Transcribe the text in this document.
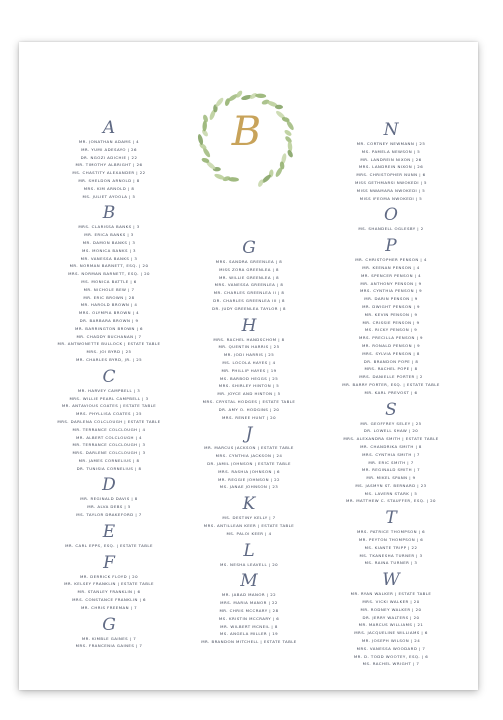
B
A
MR. JONATHAN ADAMS | 4
MR. YUMI ADESAYO | 26
DR. NGOZI ADICHIE | 22
MR. TIMOTHY ALBRIGHT | 26
MS. CHASTITY ALEXANDER | 22
MR. SHELDON ARNOLD | 8
MRS. KIM ARNOLD | 8
MS. JULIET AYOOLA | 5
B
MRS. CLARISSA BANKS | 3
MR. ERICA BANKS | 3
MR. DAMON BANKS | 3
MS. MONICA BANKS | 3
MR. VANESSA BANKS | 3
MR. NORMAN BARNETT, ESQ. | 20
MRS. NORMAN BARNETT, ESQ. | 20
MS. MONICA BATTLE | 6
MR. NICHOLE BEW | 7
MR. ERIC BROWN | 28
MR. HAROLD BROWN | 4
MRS. OLYMPIA BROWN | 4
DR. BARBARA BROWN | 9
MR. BARRINGTON BROWN | 6
MR. CHADDY BUCHANAN | 7
MR. ANTWONETTE BULLOCK | ESTATE TABLE
MRS. JOI BYRD | 25
MR. CHARLES BYRD, JR. | 25
C
MR. HARVEY CAMPBELL | 3
MRS. WILLIE PEARL CAMPBELL | 3
MR. ANTAVIOUS COATES | ESTATE TABLE
MRS. PHYLLISA COATES | 25
MRS. DARLENA COLCLOUGH | ESTATE TABLE
MR. TERRANCE COLCLOUGH | 4
MR. ALBERT COLCLOUGH | 4
MR. TERRANCE COLCLOUGH | 3
MRS. DARLENE COLCLOUGH | 3
MR. JAMES CORNELIUS | 8
DR. TUNISIA CORNELIUS | 8
D
MR. REGINALD DAVIS | 8
MR. ALVA DEBS | 5
MS. TAYLOR DRAKEFORD | 7
E
MR. CARL EPPS, ESQ. | ESTATE TABLE
F
MR. DERRICK FLOYD | 20
MR. KELSEY FRANKLIN | ESTATE TABLE
MR. STANLEY FRANKLIN | 6
MRS. CONSTANCE FRANKLIN | 6
MR. CHRIS FREEMAN | 7
G
MR. KIMBLE GAINES | 7
MRS. FRANCENIA GAINES | 7
G
MRS. SANDRA GREENLEA | 8
MISS ZORA GREENLEA | 8
MR. WILLIE GREENLEA | 8
MRS. VANESSA GREENLEA | 8
MR. CHARLES GREENLEA II | 8
DR. CHARLES GREENLEA III | 8
DR. JUDY GREENLEA TAYLOR | 8
H
MRS. RACHEL HANDSCHOM | 8
MR. QUENTIN HARRIS | 25
MR. JODI HARRIS | 25
MS. LOCOLA HAYES | 4
MR. PHILLIP HAYES | 19
MS. BARBOD HEGGS | 25
MRS. SHIRLEY HINTON | 5
MR. JOYCE AND HINTON | 5
MRS. CRYSTAL HODGES | ESTATE TABLE
DR. AMY O. HODGINS | 20
MRS. RENEE HUNT | 20
J
MR. MARCUS JACKSON | ESTATE TABLE
MRS. CYNTHIA JACKSON | 24
DR. JAMIL JOHNSON | ESTATE TABLE
MRS. RASHIA JOHNSON | 6
MR. REGGIE JOHNSON | 22
MS. JANAE JOHNSON | 23
K
MS. DESTINY KELLY | 7
MRS. ANTILLEAN KEER | ESTATE TABLE
MS. PALOI KEER | 4
L
MS. NESHA LEAVELL | 20
M
MR. JABAD MANOR | 22
MRS. MARIA MANOR | 22
MR. CHRIS MCCRARY | 28
MS. KRISTIN MCCRARY | 6
MR. WILBERT MCNEIL | 8
MS. ANGELA MILLER | 19
MR. BRANDON MITCHELL | ESTATE TABLE
N
MR. CORTNEY NEWMANN | 25
MS. PAMELA NEWSON | 5
MR. LANDREIN NIXON | 26
MRS. LANDREIN NIXON | 26
MRS. CHRISTOPHER NUNN | 6
MISS GETHMARSI NWOKEDI | 5
MISS NWAMARA NWOKEDI | 5
MISS IFEOMA NWOKEDI | 5
O
MS. SHANDELL OGLESBY | 2
P
MR. CHRISTOPHER PENSON | 4
MR. KEENAN PENSON | 4
MR. SPENCER PENSON | 4
MR. ANTHONY PENSON | 9
MRS. CYNTHIA PENSON | 9
MR. DARIN PENSON | 9
MR. DWIGHT PENSON | 9
MR. KEVIN PENSON | 9
MR. CRISSIE PENSON | 9
MS. RICKY PENSON | 9
MRS. PRECILLA PENSON | 9
MR. RONALD PENSON | 9
MRS. SYLVIA PENSON | 8
DR. BRANDON POPE | 8
MRS. RACHEL POPE | 8
MRS. DANIELLE PORTER | 2
MR. BARRY PORTER, ESQ. | ESTATE TABLE
MR. KARL PREVOST | 6
S
MR. GEOFFREY SELEY | 25
DR. LOWELL SHAW | 20
MRS. ALEXANDRA SMITH | ESTATE TABLE
MR. CHANDRIKA SMITH | 8
MRS. CYNTHIA SMITH | 7
MR. ERIC SMITH | 7
MR. REGINALD SMITH | 7
MR. MIKEL SPANN | 9
MS. JASMYN ST. BERNARD | 23
MS. LAVERN STARK | 5
MR. MATTHEW C. STAUFFER, ESQ. | 20
T
MRS. PATRICE THOMPSON | 6
MR. PEYTON THOMPSON | 6
MS. KIANTE TRIPP | 22
MS. TKANESHA TURNER | 3
MS. RAINA TURNER | 3
W
MR. RYAN WALKER | ESTATE TABLE
MRS. VICKI WALKER | 20
MR. RODNEY WALKER | 20
DR. JERRY WALTERS | 20
MR. MARCUS WILLIAMS | 21
MRS. JACQUELINE WILLIAMS | 6
MR. JOSEPH WILSON | 24
MRS. VANESSA WOODARD | 7
MR. D. TODD WOOTEY, ESQ. | 6
MS. RACHEL WRIGHT | 7
